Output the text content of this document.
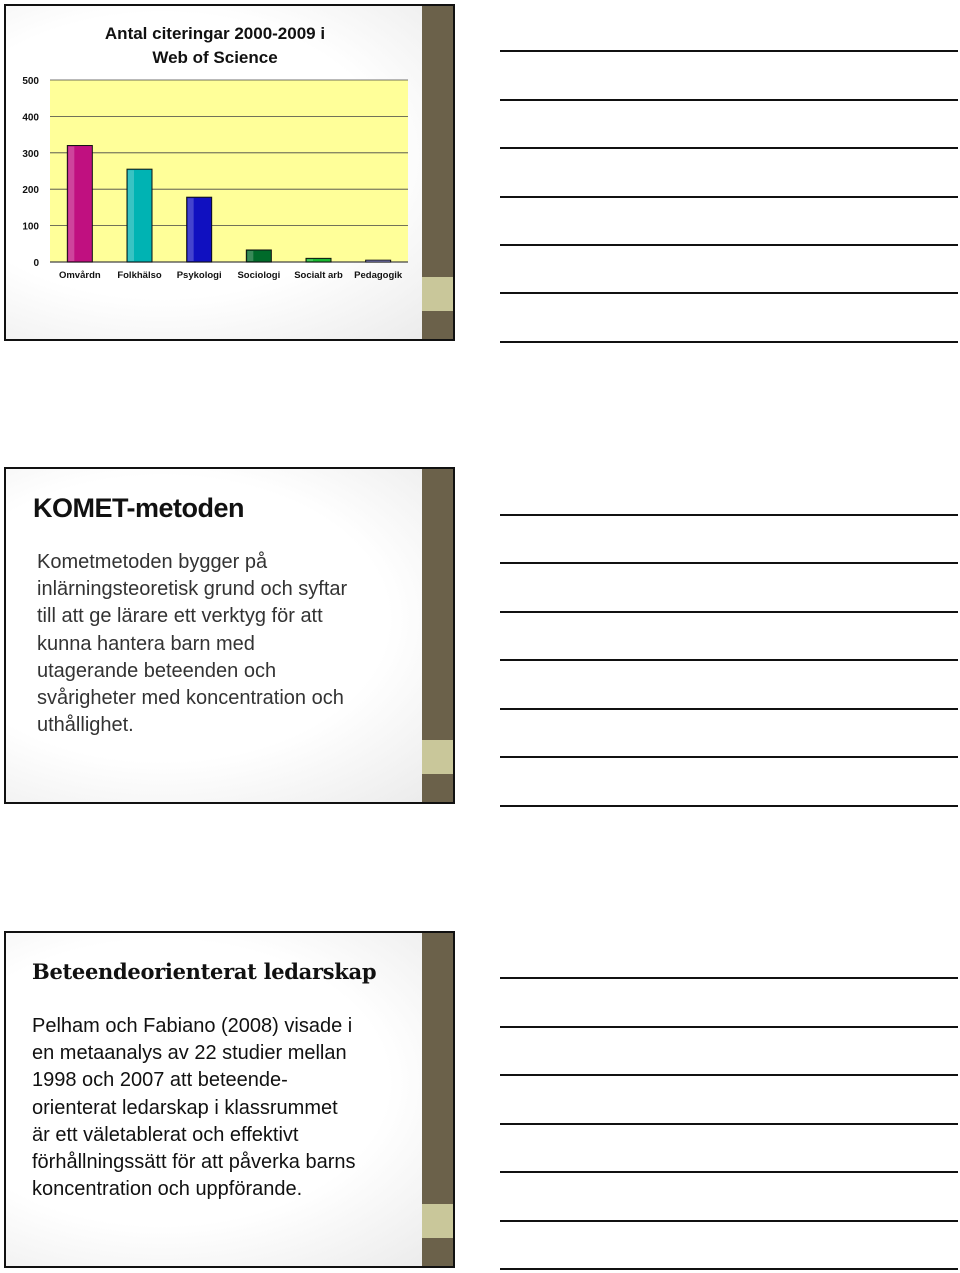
Antal citeringar 2000-2009 i
Web of Science
0
100
200
300
400
500
Omvårdn Folkhälso Psykologi Sociologi Socialt arb Pedagogik
KOMET-metoden
Kometmetoden bygger på
inlärningsteoretisk grund och syftar
till att ge lärare ett verktyg för att
kunna hantera barn med
utagerande beteenden och
svårigheter med koncentration och
uthållighet.
Beteendeorienterat ledarskap
Pelham och Fabiano (2008) visade i
en metaanalys av 22 studier mellan
1998 och 2007 att beteende-
orienterat ledarskap i klassrummet
är ett väletablerat och effektivt
förhållningssätt för att påverka barns
koncentration och uppförande.
